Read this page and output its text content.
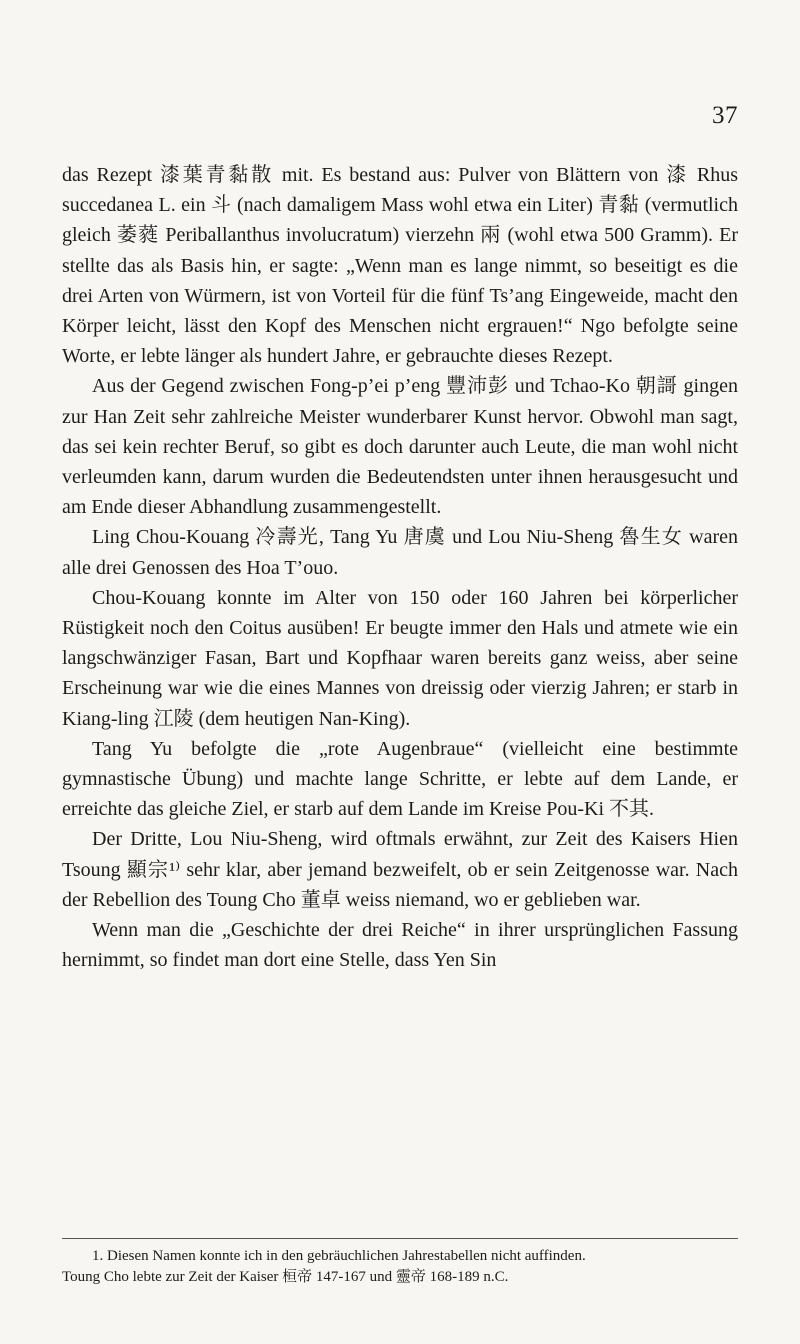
37

das Rezept 漆葉青黏散 mit. Es bestand aus: Pulver von Blättern von 漆 Rhus succedanea L. ein 斗 (nach damaligem Mass wohl etwa ein Liter) 青黏 (vermutlich gleich 萎蕤 Periballanthus involucratum) vierzehn 兩 (wohl etwa 500 Gramm). Er stellte das als Basis hin, er sagte: „Wenn man es lange nimmt, so beseitigt es die drei Arten von Würmern, ist von Vorteil für die fünf Ts’ang Eingeweide, macht den Körper leicht, lässt den Kopf des Menschen nicht ergrauen!“ Ngo befolgte seine Worte, er lebte länger als hundert Jahre, er gebrauchte dieses Rezept.

Aus der Gegend zwischen Fong-p’ei p’eng 豐沛彭 und Tchao-Ko 朝謌 gingen zur Han Zeit sehr zahlreiche Meister wunderbarer Kunst hervor. Obwohl man sagt, das sei kein rechter Beruf, so gibt es doch darunter auch Leute, die man wohl nicht verleumden kann, darum wurden die Bedeutendsten unter ihnen herausgesucht und am Ende dieser Abhandlung zusammengestellt.

Ling Chou-Kouang 冷壽光, Tang Yu 唐虞 und Lou Niu-Sheng 魯生女 waren alle drei Genossen des Hoa T’ouo.

Chou-Kouang konnte im Alter von 150 oder 160 Jahren bei körperlicher Rüstigkeit noch den Coitus ausüben! Er beugte immer den Hals und atmete wie ein langschwänziger Fasan, Bart und Kopfhaar waren bereits ganz weiss, aber seine Erscheinung war wie die eines Mannes von dreissig oder vierzig Jahren; er starb in Kiang-ling 江陵 (dem heutigen Nan-King).

Tang Yu befolgte die „rote Augenbraue“ (vielleicht eine bestimmte gymnastische Übung) und machte lange Schritte, er lebte auf dem Lande, er erreichte das gleiche Ziel, er starb auf dem Lande im Kreise Pou-Ki 不其.

Der Dritte, Lou Niu-Sheng, wird oftmals erwähnt, zur Zeit des Kaisers Hien Tsoung 顯宗¹⁾ sehr klar, aber jemand bezweifelt, ob er sein Zeitgenosse war. Nach der Rebellion des Toung Cho 董卓 weiss niemand, wo er geblieben war.

Wenn man die „Geschichte der drei Reiche“ in ihrer ursprünglichen Fassung hernimmt, so findet man dort eine Stelle, dass Yen Sin

1. Diesen Namen konnte ich in den gebräuchlichen Jahrestabellen nicht auffinden.

Toung Cho lebte zur Zeit der Kaiser 桓帝 147-167 und 靈帝 168-189 n.C.
